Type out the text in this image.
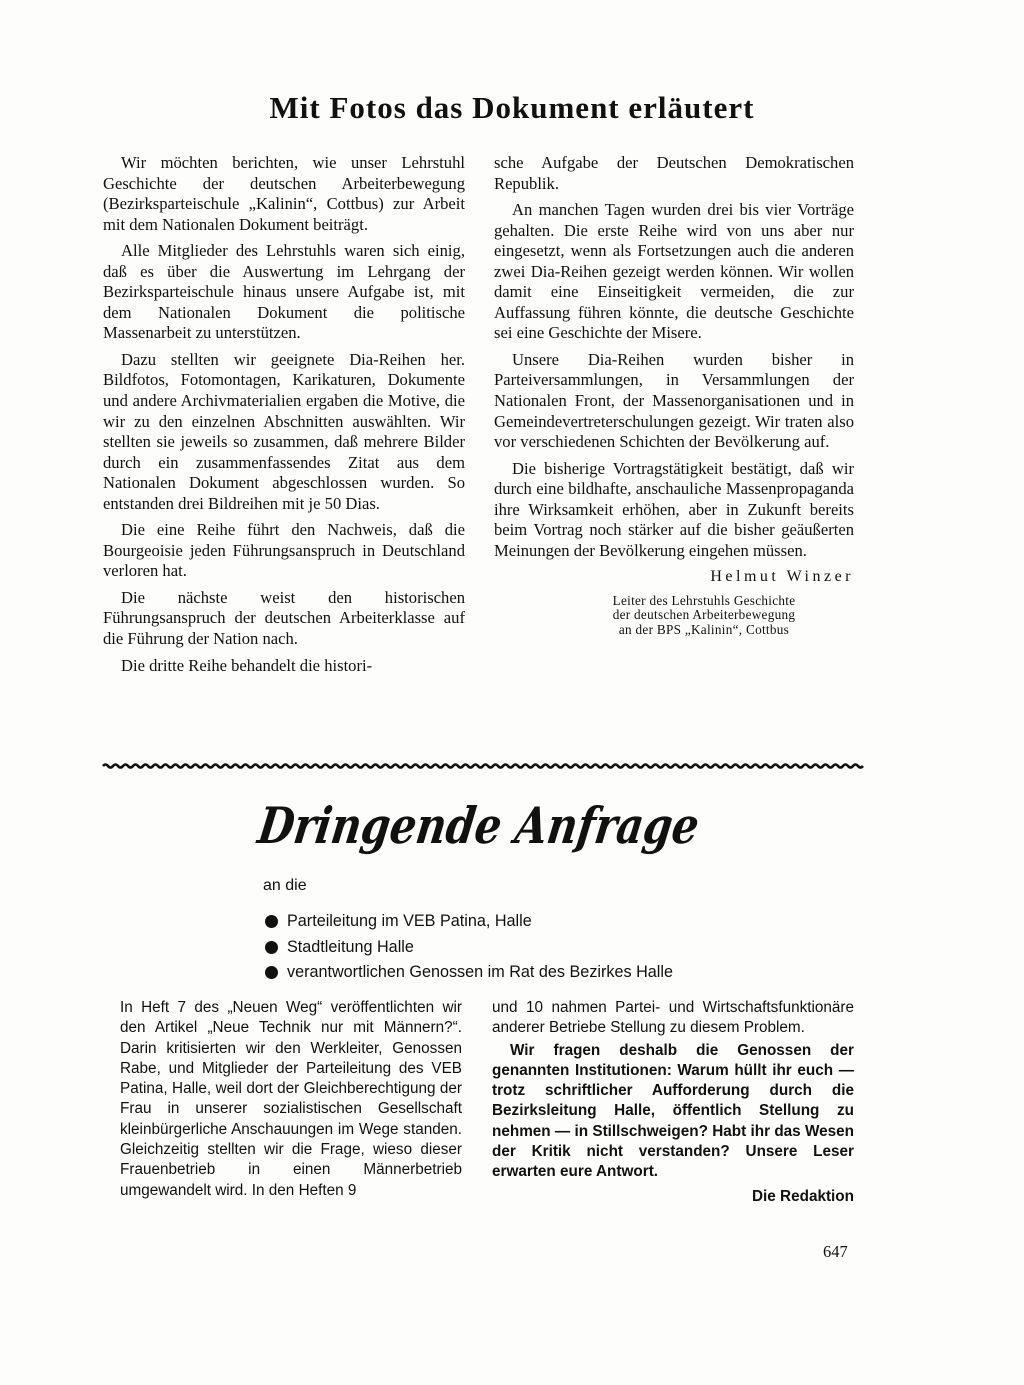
Mit Fotos das Dokument erläutert

Wir möchten berichten, wie unser Lehrstuhl Geschichte der deutschen Arbeiterbewegung (Bezirksparteischule „Kalinin“, Cottbus) zur Arbeit mit dem Nationalen Dokument beiträgt.

Alle Mitglieder des Lehrstuhls waren sich einig, daß es über die Auswertung im Lehrgang der Bezirksparteischule hinaus unsere Aufgabe ist, mit dem Nationalen Dokument die politische Massenarbeit zu unterstützen.

Dazu stellten wir geeignete Dia-Reihen her. Bildfotos, Fotomontagen, Karikaturen, Dokumente und andere Archivmaterialien ergaben die Motive, die wir zu den einzelnen Abschnitten auswählten. Wir stellten sie jeweils so zusammen, daß mehrere Bilder durch ein zusammenfassendes Zitat aus dem Nationalen Dokument abgeschlossen wurden. So entstanden drei Bildreihen mit je 50 Dias.

Die eine Reihe führt den Nachweis, daß die Bourgeoisie jeden Führungsanspruch in Deutschland verloren hat.

Die nächste weist den historischen Führungsanspruch der deutschen Arbeiterklasse auf die Führung der Nation nach.

Die dritte Reihe behandelt die histori-

sche Aufgabe der Deutschen Demokratischen Republik.

An manchen Tagen wurden drei bis vier Vorträge gehalten. Die erste Reihe wird von uns aber nur eingesetzt, wenn als Fortsetzungen auch die anderen zwei Dia-Reihen gezeigt werden können. Wir wollen damit eine Einseitigkeit vermeiden, die zur Auffassung führen könnte, die deutsche Geschichte sei eine Geschichte der Misere.

Unsere Dia-Reihen wurden bisher in Parteiversammlungen, in Versammlungen der Nationalen Front, der Massenorganisationen und in Gemeindevertreterschulungen gezeigt. Wir traten also vor verschiedenen Schichten der Bevölkerung auf.

Die bisherige Vortragstätigkeit bestätigt, daß wir durch eine bildhafte, anschauliche Massenpropaganda ihre Wirksamkeit erhöhen, aber in Zukunft bereits beim Vortrag noch stärker auf die bisher geäußerten Meinungen der Bevölkerung eingehen müssen.

Helmut Winzer

Leiter des Lehrstuhls Geschichte
der deutschen Arbeiterbewegung
an der BPS „Kalinin“, Cottbus
Dringende Anfrage

an die

Parteileitung im VEB Patina, Halle
Stadtleitung Halle
verantwortlichen Genossen im Rat des Bezirkes Halle

In Heft 7 des „Neuen Weg“ veröffentlichten wir den Artikel „Neue Technik nur mit Männern?“. Darin kritisierten wir den Werkleiter, Genossen Rabe, und Mitglieder der Parteileitung des VEB Patina, Halle, weil dort der Gleichberechtigung der Frau in unserer sozialistischen Gesellschaft kleinbürgerliche Anschauungen im Wege standen. Gleichzeitig stellten wir die Frage, wieso dieser Frauenbetrieb in einen Männerbetrieb umgewandelt wird. In den Heften 9

und 10 nahmen Partei- und Wirtschaftsfunktionäre anderer Betriebe Stellung zu diesem Problem.

Wir fragen deshalb die Genossen der genannten Institutionen: Warum hüllt ihr euch — trotz schriftlicher Aufforderung durch die Bezirksleitung Halle, öffentlich Stellung zu nehmen — in Stillschweigen? Habt ihr das Wesen der Kritik nicht verstanden? Unsere Leser erwarten eure Antwort.

Die Redaktion

647
